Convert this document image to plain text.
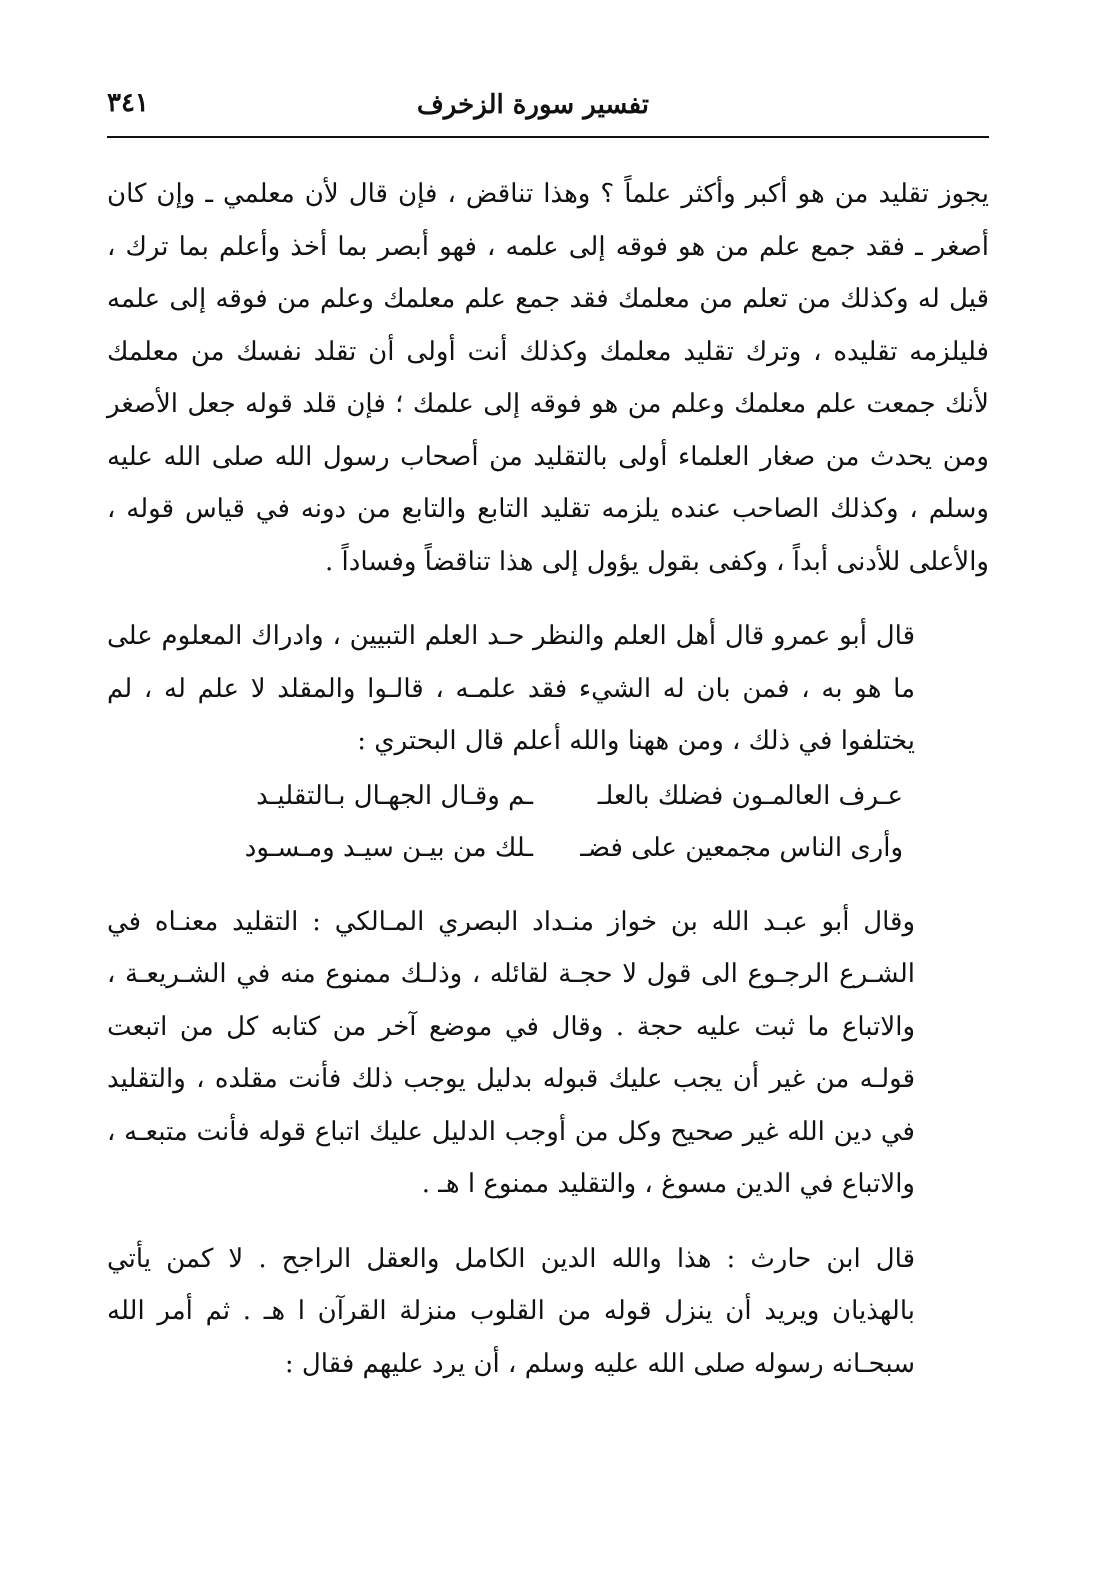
تفسير سورة الزخرف
٣٤١

يجوز تقليد من هو أكبر وأكثر علماً ؟ وهذا تناقض ، فإن قال لأن معلمي ـ وإن كان أصغر ـ فقد جمع علم من هو فوقه إلى علمه ، فهو أبصر بما أخذ وأعلم بما ترك ، قيل له وكذلك من تعلم من معلمك فقد جمع علم معلمك وعلم من فوقه إلى علمه فليلزمه تقليده ، وترك تقليد معلمك وكذلك أنت أولى أن تقلد نفسك من معلمك لأنك جمعت علم معلمك وعلم من هو فوقه إلى علمك ؛ فإن قلد قوله جعل الأصغر ومن يحدث من صغار العلماء أولى بالتقليد من أصحاب رسول الله صلى الله عليه وسلم ، وكذلك الصاحب عنده يلزمه تقليد التابع والتابع من دونه في قياس قوله ، والأعلى للأدنى أبداً ، وكفى بقول يؤول إلى هذا تناقضاً وفساداً .

قال أبو عمرو قال أهل العلم والنظر حـد العلم التبيين ، وادراك المعلوم على ما هو به ، فمن بان له الشيء فقد علمـه ، قالـوا والمقلد لا علم له ، لم يختلفوا في ذلك ، ومن ههنا والله أعلم قال البحتري :

عـرف العالمـون فضلك بالعلـ
ـم وقـال الجهـال بـالتقليـد
وأرى الناس مجمعين على فضـ
ـلك من بيـن سيـد ومـسـود

وقال أبو عبـد الله بن خواز منـداد البصري المـالكي : التقليد معنـاه في الشـرع الرجـوع الى قول لا حجـة لقائله ، وذلـك ممنوع منه في الشـريعـة ، والاتباع ما ثبت عليه حجة . وقال في موضع آخر من كتابه كل من اتبعت قولـه من غير أن يجب عليك قبوله بدليل يوجب ذلك فأنت مقلده ، والتقليد في دين الله غير صحيح وكل من أوجب الدليل عليك اتباع قوله فأنت متبعـه ، والاتباع في الدين مسوغ ، والتقليد ممنوع ا هـ .

قال ابن حارث : هذا والله الدين الكامل والعقل الراجح . لا كمن يأتي بالهذيان ويريد أن ينزل قوله من القلوب منزلة القرآن ا هـ . ثم أمر الله سبحـانه رسوله صلى الله عليه وسلم ، أن يرد عليهم فقال :
